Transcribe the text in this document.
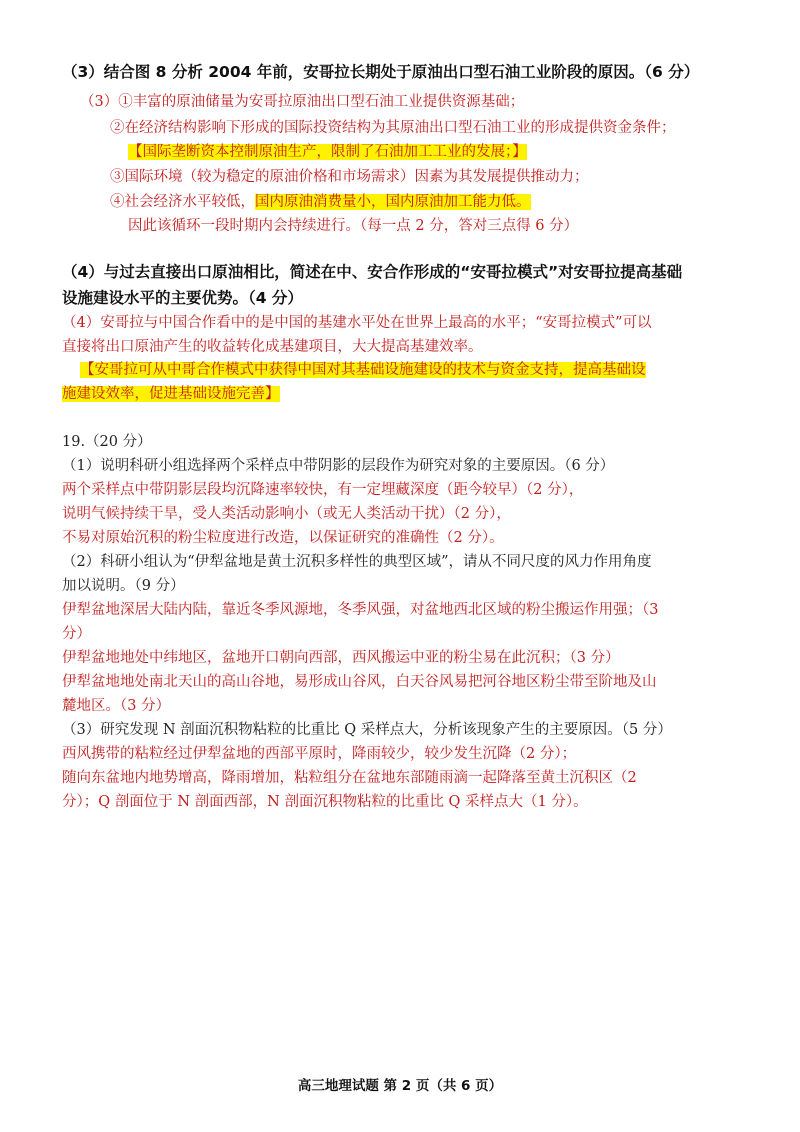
（3）结合图 8 分析 2004 年前，安哥拉长期处于原油出口型石油工业阶段的原因。（6 分）
（3）①丰富的原油储量为安哥拉原油出口型石油工业提供资源基础；
②在经济结构影响下形成的国际投资结构为其原油出口型石油工业的形成提供资金条件；
【国际垄断资本控制原油生产，限制了石油加工工业的发展；】
③国际环境（较为稳定的原油价格和市场需求）因素为其发展提供推动力；
④社会经济水平较低，国内原油消费量小，国内原油加工能力低。
因此该循环一段时期内会持续进行。（每一点 2 分，答对三点得 6 分）
（4）与过去直接出口原油相比，简述在中、安合作形成的“安哥拉模式”对安哥拉提高基础
设施建设水平的主要优势。（4 分）
（4）安哥拉与中国合作看中的是中国的基建水平处在世界上最高的水平；“安哥拉模式”可以
直接将出口原油产生的收益转化成基建项目，大大提高基建效率。
【安哥拉可从中哥合作模式中获得中国对其基础设施建设的技术与资金支持，提高基础设
施建设效率，促进基础设施完善】
19.（20 分）
（1）说明科研小组选择两个采样点中带阴影的层段作为研究对象的主要原因。（6 分）
两个采样点中带阴影层段均沉降速率较快，有一定埋藏深度（距今较早）（2 分），
说明气候持续干旱，受人类活动影响小（或无人类活动干扰）（2 分），
不易对原始沉积的粉尘粒度进行改造，以保证研究的准确性（2 分）。
（2）科研小组认为“伊犁盆地是黄土沉积多样性的典型区域”，请从不同尺度的风力作用角度
加以说明。（9 分）
伊犁盆地深居大陆内陆，靠近冬季风源地，冬季风强，对盆地西北区域的粉尘搬运作用强；（3
分）
伊犁盆地地处中纬地区，盆地开口朝向西部，西风搬运中亚的粉尘易在此沉积；（3 分）
伊犁盆地地处南北天山的高山谷地，易形成山谷风，白天谷风易把河谷地区粉尘带至阶地及山
麓地区。（3 分）
（3）研究发现 N 剖面沉积物粘粒的比重比 Q 采样点大，分析该现象产生的主要原因。（5 分）
西风携带的粘粒经过伊犁盆地的西部平原时，降雨较少，较少发生沉降（2 分）；
随向东盆地内地势增高，降雨增加，粘粒组分在盆地东部随雨滴一起降落至黄土沉积区（2
分）；Q 剖面位于 N 剖面西部，N 剖面沉积物粘粒的比重比 Q 采样点大（1 分）。
高三地理试题 第 2 页（共 6 页）
